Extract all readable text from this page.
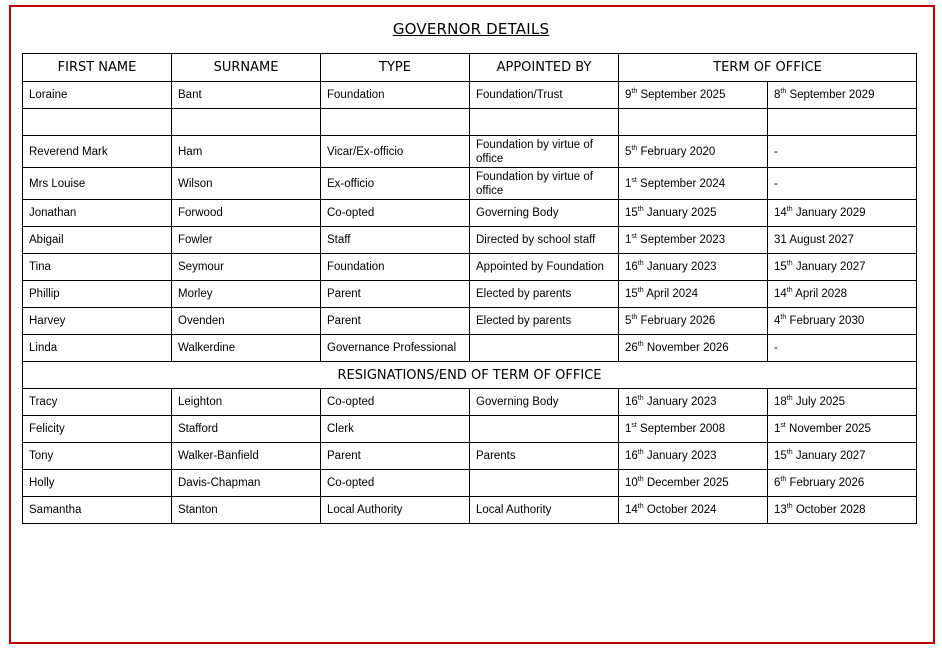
GOVERNOR DETAILS
FIRST NAME	SURNAME	TYPE	APPOINTED BY	TERM OF OFFICE	
Loraine	Bant	Foundation	Foundation/Trust	9th September 2025	8th September 2029

Reverend Mark	Ham	Vicar/Ex-officio	Foundation by virtue of office	5th February 2020	-
Mrs Louise	Wilson	Ex-officio	Foundation by virtue of office	1st September 2024	-
Jonathan	Forwood	Co-opted	Governing Body	15th January 2025	14th January 2029
Abigail	Fowler	Staff	Directed by school staff	1st September 2023	31 August 2027
Tina	Seymour	Foundation	Appointed by Foundation	16th January 2023	15th January 2027
Phillip	Morley	Parent	Elected by parents	15th April 2024	14th April 2028
Harvey	Ovenden	Parent	Elected by parents	5th February 2026	4th February 2030
Linda	Walkerdine	Governance Professional		26th November 2026	-
RESIGNATIONS/END OF TERM OF OFFICE					
Tracy	Leighton	Co-opted	Governing Body	16th January 2023	18th July 2025
Felicity	Stafford	Clerk		1st September 2008	1st November 2025
Tony	Walker-Banfield	Parent	Parents	16th January 2023	15th January 2027
Holly	Davis-Chapman	Co-opted		10th December 2025	6th February 2026
Samantha	Stanton	Local Authority	Local Authority	14th October 2024	13th October 2028
